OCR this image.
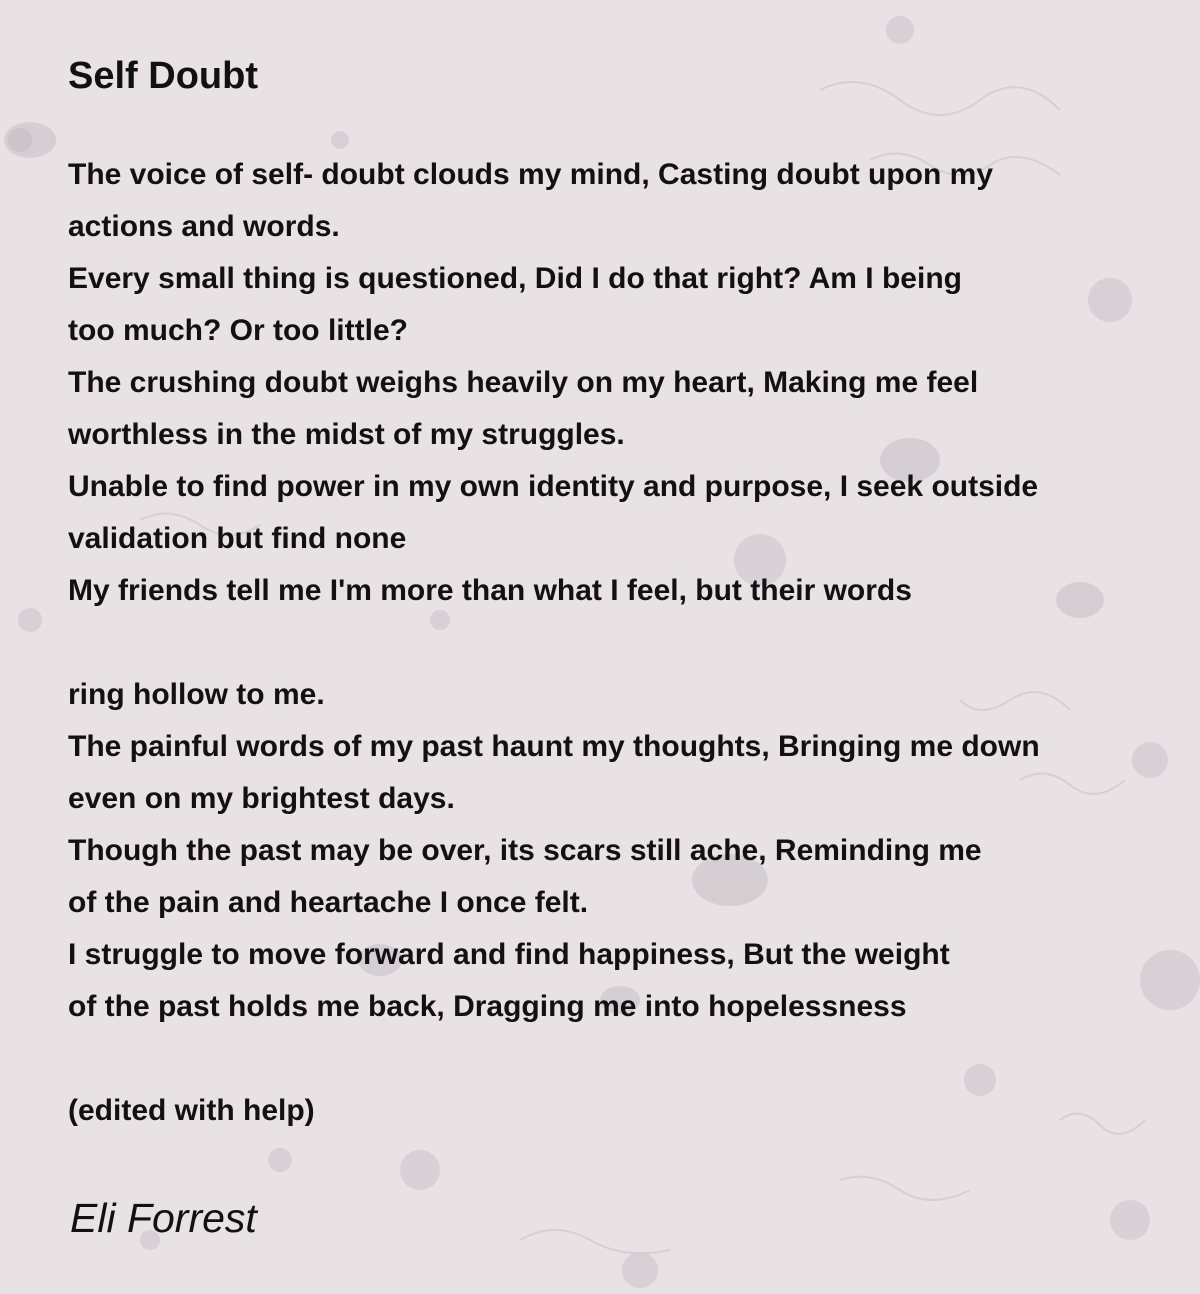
Self Doubt
The voice of self- doubt clouds my mind, Casting doubt upon my
actions and words.
Every small thing is questioned, Did I do that right? Am I being
too much? Or too little?
The crushing doubt weighs heavily on my heart, Making me feel
worthless in the midst of my struggles.
Unable to find power in my own identity and purpose, I seek outside
validation but find none
My friends tell me I'm more than what I feel, but their words
ring hollow to me.
The painful words of my past haunt my thoughts, Bringing me down
even on my brightest days.
Though the past may be over, its scars still ache, Reminding me
of the pain and heartache I once felt.
I struggle to move forward and find happiness, But the weight
of the past holds me back, Dragging me into hopelessness
(edited with help)
Eli Forrest
